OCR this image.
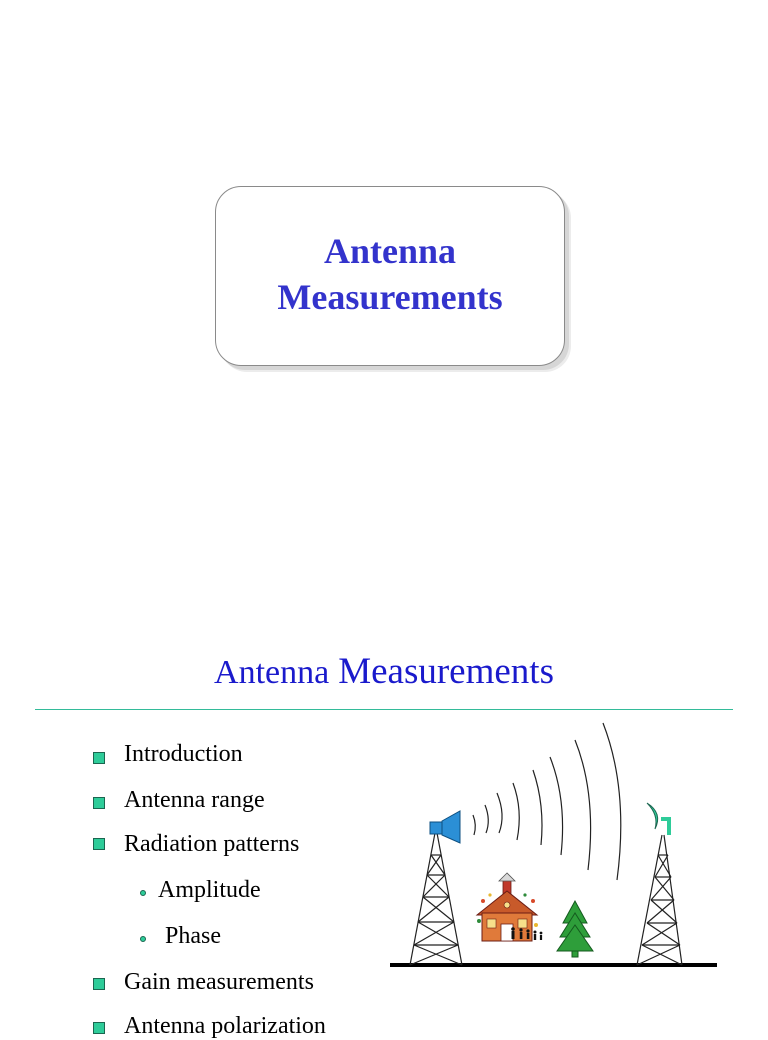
Antenna
Measurements
Antenna Measurements
Introduction
Antenna range
Radiation patterns
Amplitude
Phase
Gain measurements
Antenna polarization
